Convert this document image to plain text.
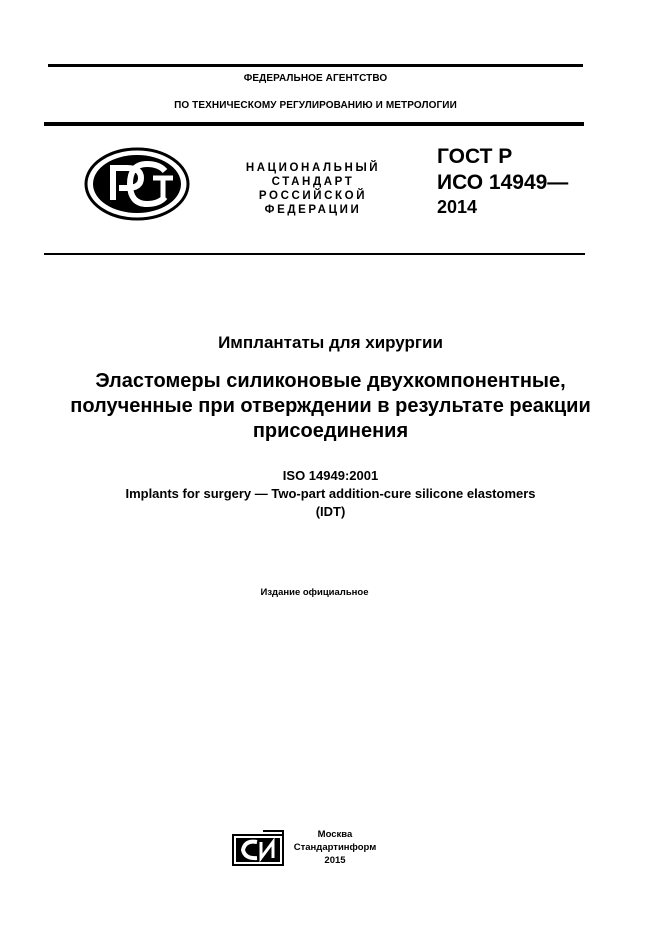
ФЕДЕРАЛЬНОЕ АГЕНТСТВО
ПО ТЕХНИЧЕСКОМУ РЕГУЛИРОВАНИЮ И МЕТРОЛОГИИ
НАЦИОНАЛЬНЫЙ
СТАНДАРТ
РОССИЙСКОЙ
ФЕДЕРАЦИИ
ГОСТ Р
ИСО 14949—
2014
Имплантаты для хирургии
Эластомеры силиконовые двухкомпонентные, полученные при отверждении в результате реакции присоединения
ISO 14949:2001
Implants for surgery — Two-part addition-cure silicone elastomers
(IDT)
Издание официальное
Москва
Стандартинформ
2015
